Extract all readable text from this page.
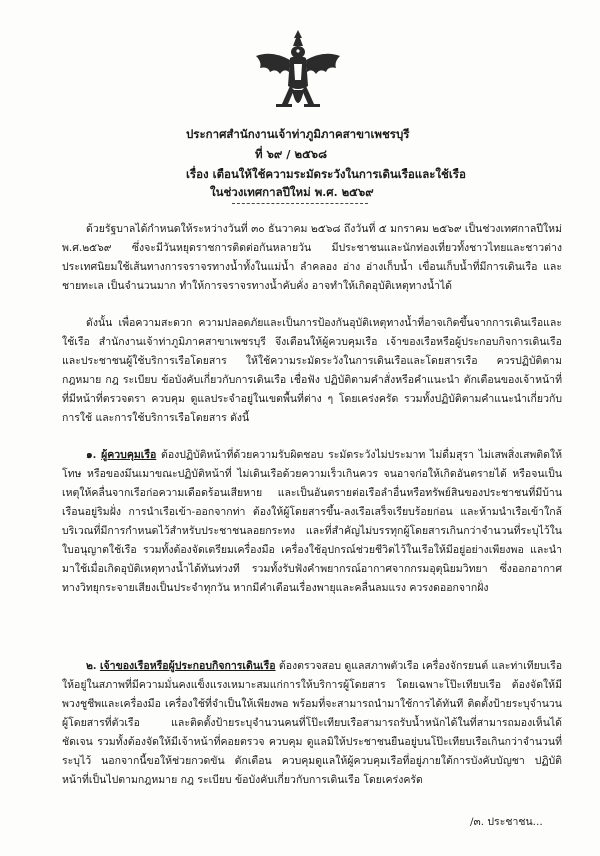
ประกาศสำนักงานเจ้าท่าภูมิภาคสาขาเพชรบุรี
ที่ ๖๙ / ๒๕๖๘
เรื่อง เตือนให้ใช้ความระมัดระวังในการเดินเรือและใช้เรือ
ในช่วงเทศกาลปีใหม่ พ.ศ. ๒๕๖๙
ด้วยรัฐบาลได้กำหนดให้ระหว่างวันที่ ๓๐ ธันวาคม ๒๕๖๘ ถึงวันที่ ๕ มกราคม ๒๕๖๙ เป็นช่วงเทศกาลปีใหม่ พ.ศ.๒๕๖๙ ซึ่งจะมีวันหยุดราชการติดต่อกันหลายวัน มีประชาชนและนักท่องเที่ยวทั้งชาวไทยและชาวต่างประเทศนิยมใช้เส้นทางการจราจรทางน้ำทั้งในแม่น้ำ ลำคลอง อ่าง อ่างเก็บน้ำ เขื่อนเก็บน้ำที่มีการเดินเรือ และชายทะเล เป็นจำนวนมาก ทำให้การจราจรทางน้ำคับคั่ง อาจทำให้เกิดอุบัติเหตุทางน้ำได้
ดังนั้น เพื่อความสะดวก ความปลอดภัยและเป็นการป้องกันอุบัติเหตุทางน้ำที่อาจเกิดขึ้นจากการเดินเรือและใช้เรือ สำนักงานเจ้าท่าภูมิภาคสาขาเพชรบุรี จึงเตือนให้ผู้ควบคุมเรือ เจ้าของเรือหรือผู้ประกอบกิจการเดินเรือ และประชาชนผู้ใช้บริการเรือโดยสาร ให้ใช้ความระมัดระวังในการเดินเรือและโดยสารเรือ ควรปฏิบัติตามกฎหมาย กฎ ระเบียบ ข้อบังคับเกี่ยวกับการเดินเรือ เชื่อฟัง ปฏิบัติตามคำสั่งหรือคำแนะนำ ตักเตือนของเจ้าหน้าที่ที่มีหน้าที่ตรวจตรา ควบคุม ดูแลประจำอยู่ในเขตพื้นที่ต่าง ๆ โดยเคร่งครัด รวมทั้งปฏิบัติตามคำแนะนำเกี่ยวกับการใช้ และการใช้บริการเรือโดยสาร ดังนี้
๑. ผู้ควบคุมเรือ ต้องปฏิบัติหน้าที่ด้วยความรับผิดชอบ ระมัดระวังไม่ประมาท ไม่ดื่มสุรา ไม่เสพสิ่งเสพติดให้โทษ หรือของมึนเมาขณะปฏิบัติหน้าที่ ไม่เดินเรือด้วยความเร็วเกินควร จนอาจก่อให้เกิดอันตรายได้ หรือจนเป็นเหตุให้คลื่นจากเรือก่อความเดือดร้อนเสียหาย และเป็นอันตรายต่อเรือลำอื่นหรือทรัพย์สินของประชาชนที่มีบ้านเรือนอยู่ริมฝั่ง การนำเรือเข้า-ออกจากท่า ต้องให้ผู้โดยสารขึ้น-ลงเรือเสร็จเรียบร้อยก่อน และห้ามนำเรือเข้าใกล้บริเวณที่มีการกำหนดไว้สำหรับประชาชนลอยกระทง และที่สำคัญไม่บรรทุกผู้โดยสารเกินกว่าจำนวนที่ระบุไว้ในใบอนุญาตใช้เรือ รวมทั้งต้องจัดเตรียมเครื่องมือ เครื่องใช้อุปกรณ์ช่วยชีวิตไว้ในเรือให้มีอยู่อย่างเพียงพอ และนำมาใช้เมื่อเกิดอุบัติเหตุทางน้ำได้ทันท่วงที รวมทั้งรับฟังคำพยากรณ์อากาศจากกรมอุตุนิยมวิทยา ซึ่งออกอากาศทางวิทยุกระจายเสียงเป็นประจำทุกวัน หากมีคำเตือนเรื่องพายุและคลื่นลมแรง ควรงดออกจากฝั่ง
๒. เจ้าของเรือหรือผู้ประกอบกิจการเดินเรือ ต้องตรวจสอบ ดูแลสภาพตัวเรือ เครื่องจักรยนต์ และท่าเทียบเรือ ให้อยู่ในสภาพที่มีความมั่นคงแข็งแรงเหมาะสมแก่การให้บริการผู้โดยสาร โดยเฉพาะโป๊ะเทียบเรือ ต้องจัดให้มีพวงชูชีพและเครื่องมือ เครื่องใช้ที่จำเป็นให้เพียงพอ พร้อมที่จะสามารถนำมาใช้การได้ทันที ติดตั้งป้ายระบุจำนวนผู้โดยสารที่ตัวเรือ และติดตั้งป้ายระบุจำนวนคนที่โป๊ะเทียบเรือสามารถรับน้ำหนักได้ในที่สามารถมองเห็นได้ชัดเจน รวมทั้งต้องจัดให้มีเจ้าหน้าที่คอยตรวจ ควบคุม ดูแลมิให้ประชาชนยืนอยู่บนโป๊ะเทียบเรือเกินกว่าจำนวนที่ระบุไว้ นอกจากนี้ขอให้ช่วยกวดขัน ตักเตือน ควบคุมดูแลให้ผู้ควบคุมเรือที่อยู่ภายใต้การบังคับบัญชา ปฏิบัติหน้าที่เป็นไปตามกฎหมาย กฎ ระเบียบ ข้อบังคับเกี่ยวกับการเดินเรือ โดยเคร่งครัด
/๓. ประชาชน...
